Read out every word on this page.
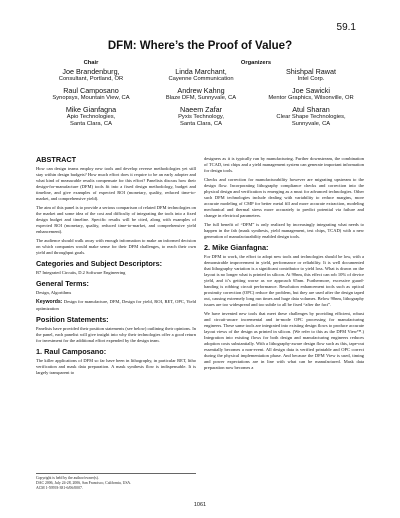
59.1
DFM: Where’s the Proof of Value?
Chair	Organizers
Joe Brandenburg,
Consultant, Portland, OR
Linda Marchant,
Cayenne Communication
Shishpal Rawat
Intel Corp.
Raul Camposano
Synopsys, Mountain View, CA
Andrew Kahng
Blaze DFM, Sunnyvale, CA
Joe Sawicki
Mentor Graphics, Wilsonville, OR
Mike Gianfagna
Apio Technologies,
Santa Clara, CA
Naeem Zafar
Pyxis Technology,
Santa Clara, CA
Atul Sharan
Clear Shape Technologies,
Sunnyvale, CA
ABSTRACT

How can design teams employ new tools and develop reverse methodologies yet still stay within design budgets? How much effort does it require to be an early adopter and what kind of measurable results compensate for this effort? Panelists discuss how their design-for-manufacture (DFM) tools fit into a fixed design methodology, budget and timeline, and give examples of expected ROI (monetary, quality, reduced time-to-market, and comprehensive yield).

The aim of this panel is to provide a serious comparison of related DFM technologies on the market and some idea of the cost and difficulty of integrating the tools into a fixed design budget and timeline. Specific results will be cited, along with examples of expected ROI (monetary, quality, reduced time-to-market, and comprehensive yield enhancement).

The audience should walk away with enough information to make an informed decision on which companies would make sense for their DFM challenges, to reach their own yield and throughput goals.

Categories and Subject Descriptors:

B7 Integrated Circuits, D.2 Software Engineering

General Terms:

Design, Algorithms

Keywords: Design for manufacture, DFM, Design for yield, ROI, RET, OPC, Yield optimization

Position Statements:

Panelists have provided their position statements (see below) outlining their opinions. In the panel, each panelist will give insight into why their technologies offer a good return for investment for the additional effort expended by the design team.

1. Raul Camposano:

The killer applications of DFM so far have been in lithography, in particular RET, litho verification and mask data preparation. A mask synthesis flow is indispensable. It is largely transparent to

Copyright is held by the author/owner(s).
DAC 2006, July 24-28, 2006, San Francisco, California, USA.
ACM 1-59593-381-6/06/0007.

designers as it is typically run by manufacturing. Further downstream, the combination of TCAD, test chips and a yield management system can generate important information for design tools.

Checks and correction for manufacturability however are migrating upstream to the design flow. Incorporating lithography compliance checks and correction into the physical design and verification is emerging as a must for advanced technologies. Other such DFM technologies include dealing with variability to reduce margins, more accurate modeling of CMP for better metal fill and more accurate extraction, modeling mechanical and thermal stress more accurately to predict potential via failure and change in electrical parameters.

The full benefit of “DFM” is only realized by increasingly integrating what needs to happen in the fab (mask synthesis, yield management, test chips, TCAD) with a new generation of manufacturability enabled design tools.

2. Mike Gianfagna:

For DFM to work, the effort to adopt new tools and technologies should be low, with a demonstrable improvement in yield, performance or reliability. It is well documented that lithography variation is a significant contributor to yield loss. What is drawn on the layout is no longer what is printed in silicon. At 90nm, this effect can rob 10% of device yield, and it’s getting worse as we approach 65nm. Furthermore, excessive guard-banding is robbing circuit performance. Resolution enhancement tools such as optical proximity correction (OPC) reduce the problem, but they are used after the design taped out, causing extremely long run times and huge data volumes. Below 90nm, lithography issues are too widespread and too subtle to all be fixed “after the fact”.

We have invented new tools that meet these challenges by providing efficient, robust and circuit-aware incremental and in-mode OPC processing for manufacturing engineers. These same tools are integrated into existing design flows to produce accurate layout views of the design as printed in silicon. (We refer to this as the DFM View™.) Integration into existing flows for both design and manufacturing engineers reduces adoption costs substantially. With a lithography-aware design flow such as this, tape-out essentially becomes a non-event. All design data is verified printable and OPC correct during the physical implementation phase. And because the DFM View is used, timing and power expectations are in line with what can be manufactured. Mask data preparation now becomes a

1061
